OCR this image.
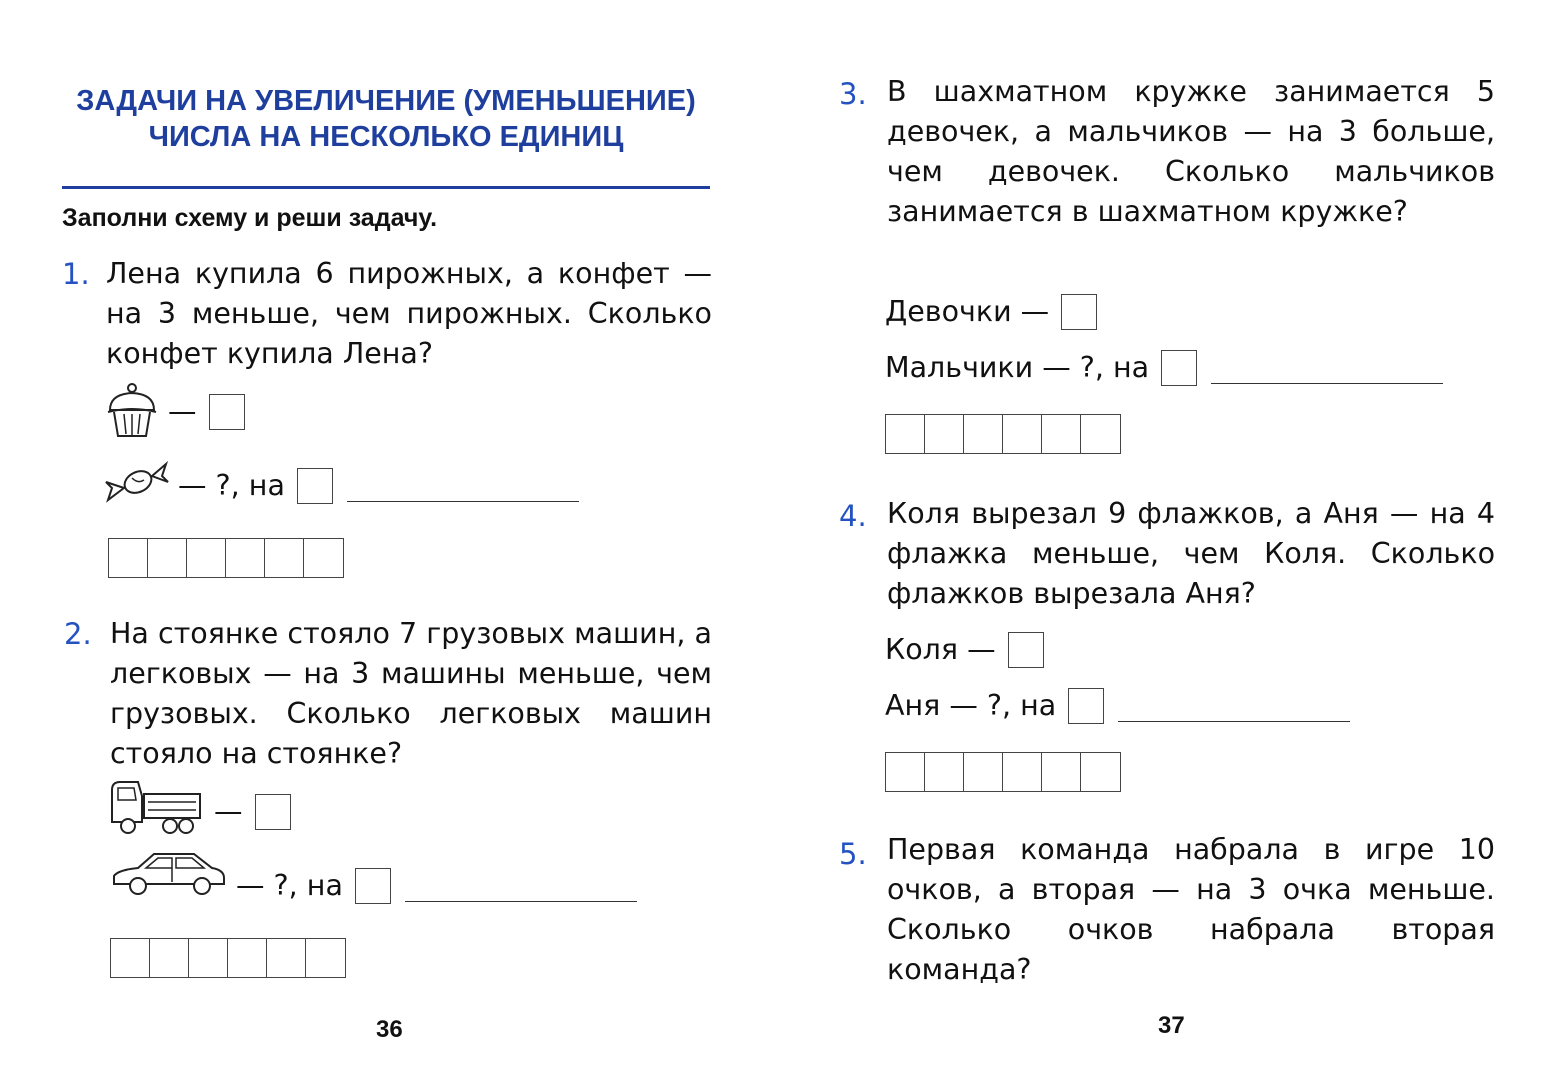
ЗАДАЧИ НА УВЕЛИЧЕНИЕ (УМЕНЬШЕНИЕ)
ЧИСЛА НА НЕСКОЛЬКО ЕДИНИЦ
Заполни схему и реши задачу.
1. Лена купила 6 пирожных, а конфет — на 3 меньше, чем пирожных. Сколько конфет купила Лена?
—
— ?, на
2. На стоянке стояло 7 грузовых машин, а легковых — на 3 машины меньше, чем грузовых. Сколько легковых машин стояло на стоянке?
—
— ?, на
36
3. В шахматном кружке занимается 5 девочек, а мальчиков — на 3 больше, чем девочек. Сколько мальчиков занимается в шахматном кружке?
Девочки —
Мальчики — ?, на
4. Коля вырезал 9 флажков, а Аня — на 4 флажка меньше, чем Коля. Сколько флажков вырезала Аня?
Коля —
Аня — ?, на
5. Первая команда набрала в игре 10 очков, а вторая — на 3 очка меньше. Сколько очков набрала вторая команда?
37
